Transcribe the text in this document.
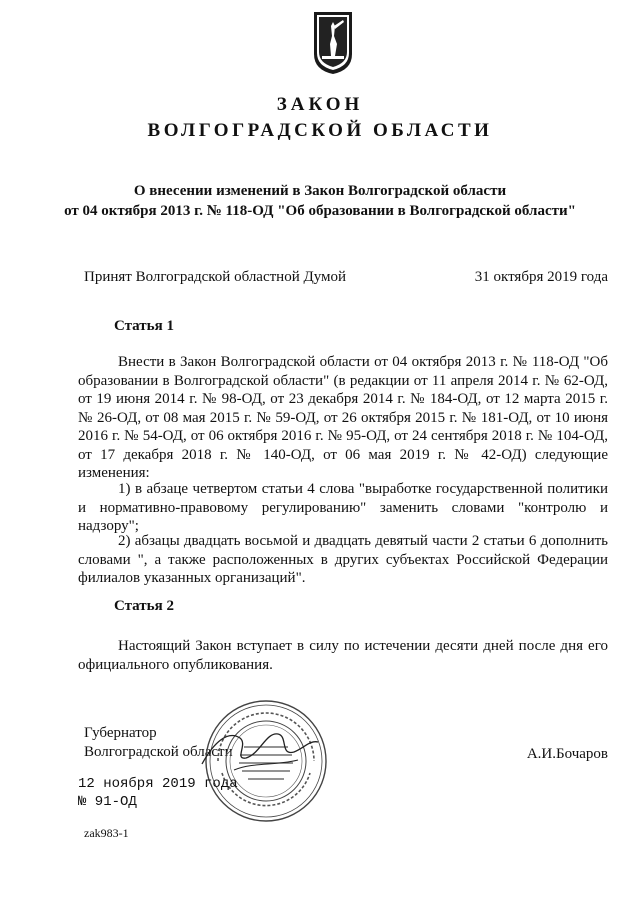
ЗАКОН
ВОЛГОГРАДСКОЙ ОБЛАСТИ
О внесении изменений в Закон Волгоградской области
от 04 октября 2013 г. № 118-ОД "Об образовании в Волгоградской области"
Принят Волгоградской областной Думой	31 октября 2019 года
Статья 1
Внести в Закон Волгоградской области от 04 октября 2013 г. № 118-ОД "Об образовании в Волгоградской области" (в редакции от 11 апреля 2014 г. № 62-ОД, от 19 июня 2014 г. № 98-ОД, от 23 декабря 2014 г. № 184-ОД, от 12 марта 2015 г. № 26-ОД, от 08 мая 2015 г. № 59-ОД, от 26 октября 2015 г. № 181-ОД, от 10 июня 2016 г. № 54-ОД, от 06 октября 2016 г. № 95-ОД, от 24 сентября 2018 г. № 104-ОД, от 17 декабря 2018 г. № 140-ОД, от 06 мая 2019 г. № 42-ОД) следующие изменения:
1) в абзаце четвертом статьи 4 слова "выработке государственной политики и нормативно-правовому регулированию" заменить словами "контролю и надзору";
2) абзацы двадцать восьмой и двадцать девятый части 2 статьи 6 дополнить словами ", а также расположенных в других субъектах Российской Федерации филиалов указанных организаций".
Статья 2
Настоящий Закон вступает в силу по истечении десяти дней после дня его официального опубликования.
Губернатор
Волгоградской области	А.И.Бочаров
12 ноября 2019 года
№ 91-ОД
zak983-1
